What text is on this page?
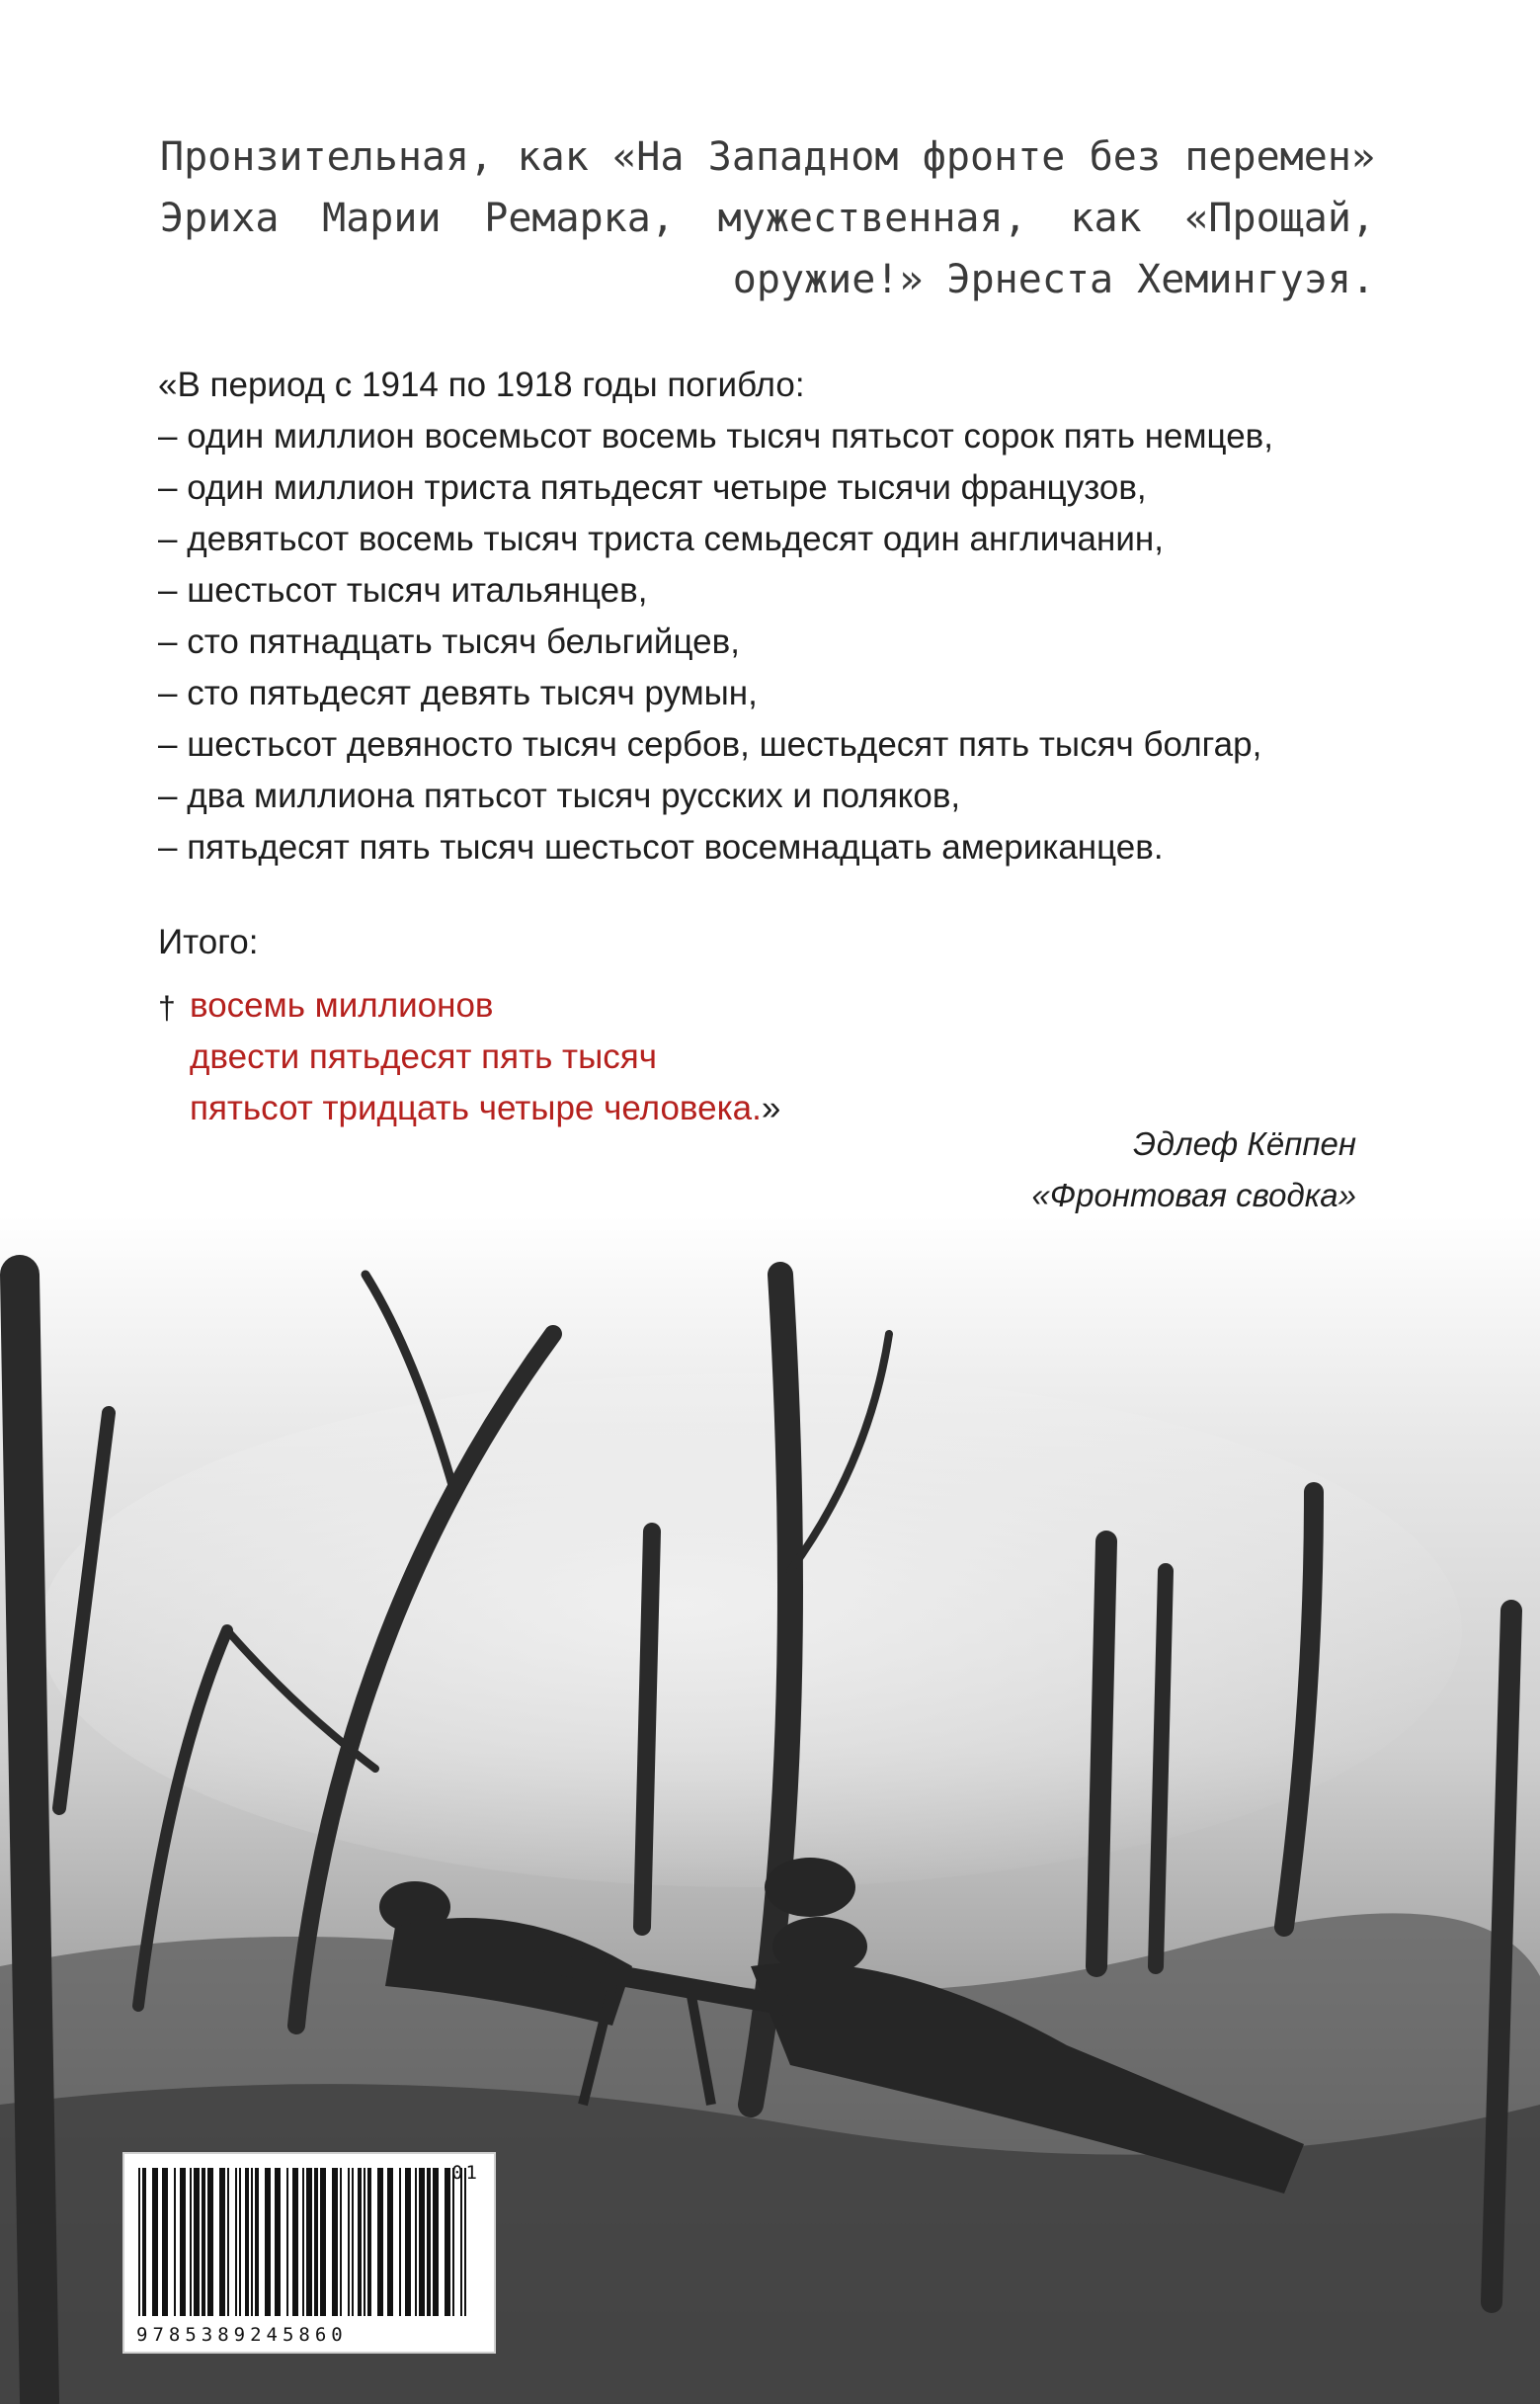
Пронзительная, как «На Западном фронте без перемен» Эриха Марии Ремарка, мужественная, как «Прощай, оружие!» Эрнеста Хемингуэя.

«В период с 1914 по 1918 годы погибло:
– один миллион восемьсот восемь тысяч пятьсот сорок пять немцев,
– один миллион триста пятьдесят четыре тысячи французов,
– девятьсот восемь тысяч триста семьдесят один англичанин,
– шестьсот тысяч итальянцев,
– сто пятнадцать тысяч бельгийцев,
– сто пятьдесят девять тысяч румын,
– шестьсот девяносто тысяч сербов, шестьдесят пять тысяч болгар,
– два миллиона пятьсот тысяч русских и поляков,
– пятьдесят пять тысяч шестьсот восемнадцать американцев.
Итого:
† восемь миллионов
двести пятьдесят пять тысяч
пятьсот тридцать четыре человека.»
Эдлеф Кёппен
«Фронтовая сводка»
9785389245860
01
